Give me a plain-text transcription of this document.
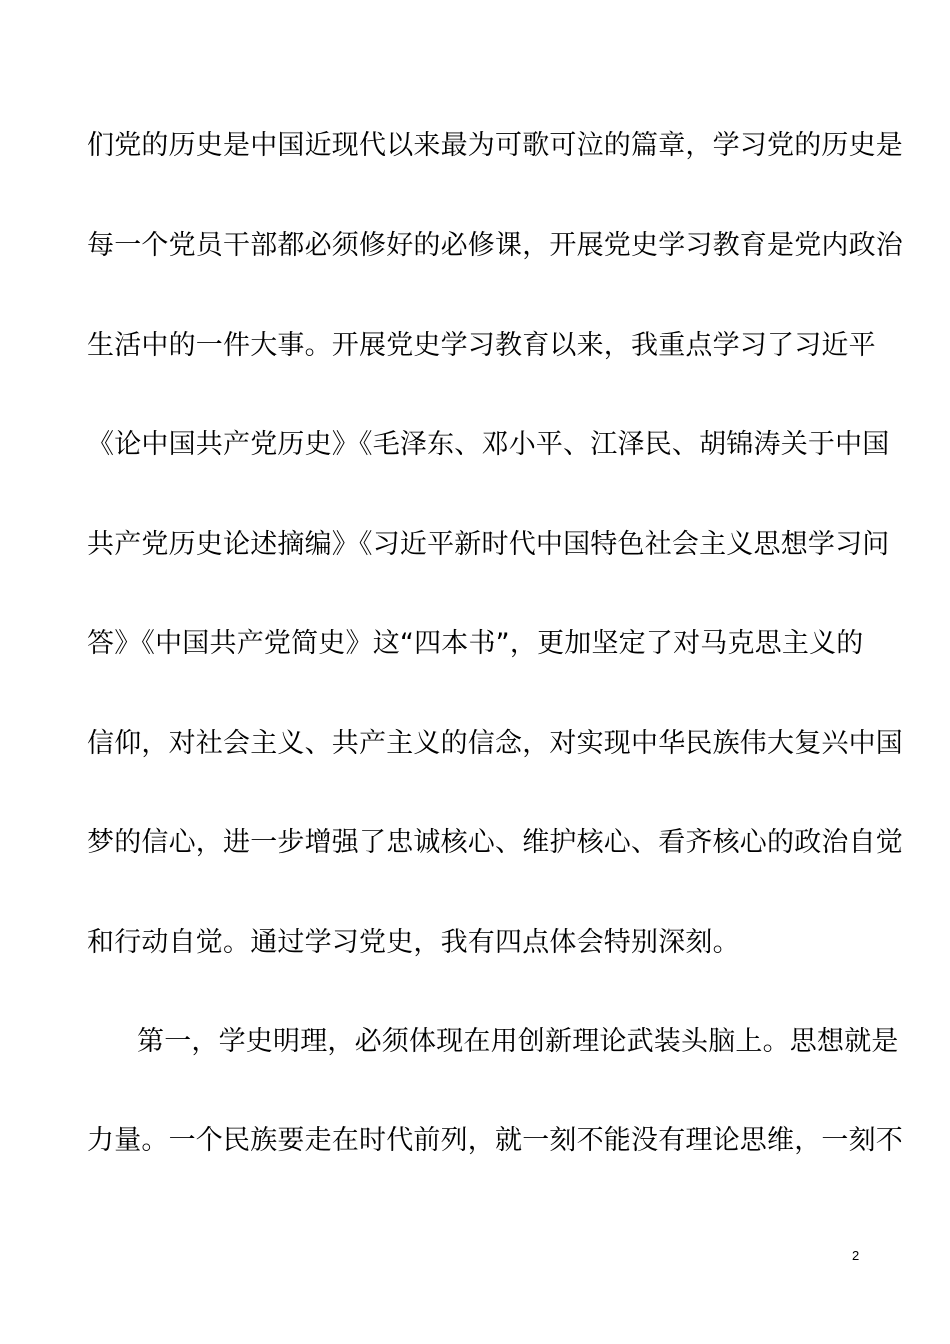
们党的历史是中国近现代以来最为可歌可泣的篇章，学习党的历史是
每一个党员干部都必须修好的必修课，开展党史学习教育是党内政治
生活中的一件大事。开展党史学习教育以来，我重点学习了习近平
《论中国共产党历史》《毛泽东、邓小平、江泽民、胡锦涛关于中国
共产党历史论述摘编》《习近平新时代中国特色社会主义思想学习问
答》《中国共产党简史》这“四本书”，更加坚定了对马克思主义的
信仰，对社会主义、共产主义的信念，对实现中华民族伟大复兴中国
梦的信心，进一步增强了忠诚核心、维护核心、看齐核心的政治自觉
和行动自觉。通过学习党史，我有四点体会特别深刻。
第一，学史明理，必须体现在用创新理论武装头脑上。思想就是
力量。一个民族要走在时代前列，就一刻不能没有理论思维，一刻不
2
